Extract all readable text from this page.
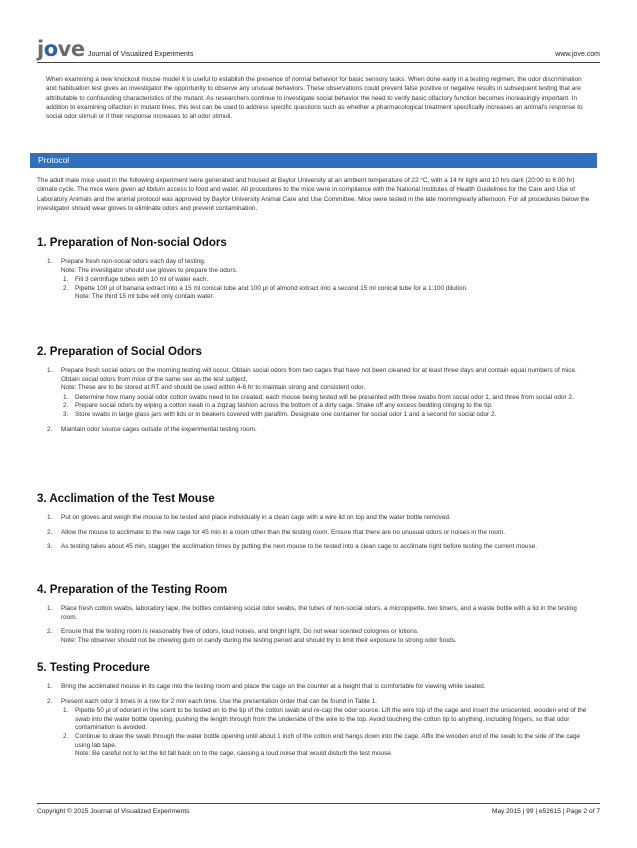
jove Journal of Visualized Experiments	www.jove.com

When examining a new knockout mouse model it is useful to establish the presence of normal behavior for basic sensory tasks. When done early in a testing regimen, the odor discrimination and habituation test gives an investigator the opportunity to observe any unusual behaviors. These observations could prevent false positive or negative results in subsequent testing that are attributable to confounding characteristics of the mutant. As researchers continue to investigate social behavior the need to verify basic olfactory function becomes increasingly important. In addition to examining olfaction in mutant lines, this test can be used to address specific questions such as whether a pharmacological treatment specifically increases an animal's response to social odor stimuli or if their response increases to all odor stimuli.

Protocol

The adult male mice used in the following experiment were generated and housed at Baylor University at an ambient temperature of 22 °C, with a 14 hr light and 10 hrs dark (20:00 to 6:00 hr) climate cycle. The mice were given ad libitum access to food and water. All procedures to the mice were in compliance with the National Institutes of Health Guidelines for the Care and Use of Laboratory Animals and the animal protocol was approved by Baylor University Animal Care and Use Committee. Mice were tested in the late morning/early afternoon. For all procedures below the investigator should wear gloves to eliminate odors and prevent contamination.

1. Preparation of Non-social Odors
1. Prepare fresh non-social odors each day of testing.
Note: The investigator should use gloves to prepare the odors.
1. Fill 3 centrifuge tubes with 10 ml of water each.
2. Pipette 100 µl of banana extract into a 15 ml conical tube and 100 µl of almond extract into a second 15 ml conical tube for a 1:100 dilution.
Note: The third 15 ml tube will only contain water.
2. Preparation of Social Odors
1. Prepare fresh social odors on the morning testing will occur. Obtain social odors from two cages that have not been cleaned for at least three days and contain equal numbers of mice. Obtain social odors from mice of the same sex as the test subject.
Note: These are to be stored at RT and should be used within 4-6 hr to maintain strong and consistent odor.
1. Determine how many social odor cotton swabs need to be created: each mouse being tested will be presented with three swabs from social odor 1, and three from social odor 2.
2. Prepare social odors by wiping a cotton swab in a zigzag fashion across the bottom of a dirty cage. Shake off any excess bedding clinging to the tip.
3. Store swabs in large glass jars with lids or in beakers covered with parafilm. Designate one container for social odor 1 and a second for social odor 2.
2. Maintain odor source cages outside of the experimental testing room.
3. Acclimation of the Test Mouse
1. Put on gloves and weigh the mouse to be tested and place individually in a clean cage with a wire lid on top and the water bottle removed.
2. Allow the mouse to acclimate to the new cage for 45 min in a room other than the testing room. Ensure that there are no unusual odors or noises in the room.
3. As testing takes about 45 min, stagger the acclimation times by putting the next mouse to be tested into a clean cage to acclimate right before testing the current mouse.
4. Preparation of the Testing Room
1. Place fresh cotton swabs, laboratory tape, the bottles containing social odor swabs, the tubes of non-social odors, a micropipette, two timers, and a waste bottle with a lid in the testing room.
2. Ensure that the testing room is reasonably free of odors, loud noises, and bright light. Do not wear scented colognes or lotions.
Note: The observer should not be chewing gum or candy during the testing period and should try to limit their exposure to strong odor foods.
5. Testing Procedure
1. Bring the acclimated mouse in its cage into the testing room and place the cage on the counter at a height that is comfortable for viewing while seated.
2. Present each odor 3 times in a row for 2 min each time. Use the presentation order that can be found in Table 1.
1. Pipette 50 µl of odorant in the scent to be tested on to the tip of the cotton swab and re-cap the odor source. Lift the wire top of the cage and insert the unscented, wooden end of the swab into the water bottle opening, pushing the length through from the underside of the wire to the top. Avoid touching the cotton tip to anything, including fingers, so that odor contamination is avoided.
2. Continue to draw the swab through the water bottle opening until about 1 inch of the cotton end hangs down into the cage. Affix the wooden end of the swab to the side of the cage using lab tape.
Note: Be careful not to let the lid fall back on to the cage, causing a loud noise that would disturb the test mouse.
Copyright © 2015 Journal of Visualized Experiments	May 2015 | 99 | e52615 | Page 2 of 7
